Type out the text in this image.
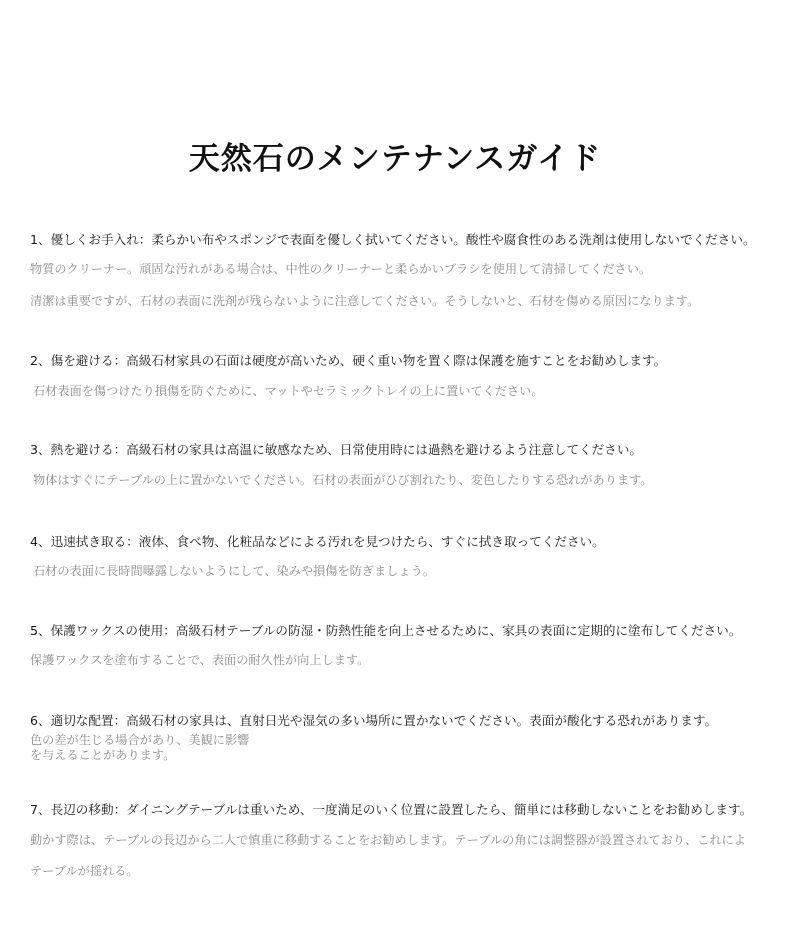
天然石のメンテナンスガイド
1、優しくお手入れ：柔らかい布やスポンジで表面を優しく拭いてください。酸性や腐食性のある洗剤は使用しないでください。
物質のクリーナー。頑固な汚れがある場合は、中性のクリーナーと柔らかいブラシを使用して清掃してください。
清潔は重要ですが、石材の表面に洗剤が残らないように注意してください。そうしないと、石材を傷める原因になります。
2、傷を避ける：高級石材家具の石面は硬度が高いため、硬く重い物を置く際は保護を施すことをお勧めします。
石材表面を傷つけたり損傷を防ぐために、マットやセラミックトレイの上に置いてください。
3、熱を避ける：高級石材の家具は高温に敏感なため、日常使用時には過熱を避けるよう注意してください。
物体はすぐにテーブルの上に置かないでください。石材の表面がひび割れたり、変色したりする恐れがあります。
4、迅速拭き取る：液体、食べ物、化粧品などによる汚れを見つけたら、すぐに拭き取ってください。
石材の表面に長時間曝露しないようにして、染みや損傷を防ぎましょう。
5、保護ワックスの使用：高級石材テーブルの防湿・防熱性能を向上させるために、家具の表面に定期的に塗布してください。
保護ワックスを塗布することで、表面の耐久性が向上します。
6、適切な配置：高級石材の家具は、直射日光や湿気の多い場所に置かないでください。表面が酸化する恐れがあります。
色の差が生じる場合があり、美観に影響
を与えることがあります。
7、長辺の移動：ダイニングテーブルは重いため、一度満足のいく位置に設置したら、簡単には移動しないことをお勧めします。
動かす際は、テーブルの長辺から二人で慎重に移動することをお勧めします。テーブルの角には調整器が設置されており、これによ
テーブルが揺れる。
